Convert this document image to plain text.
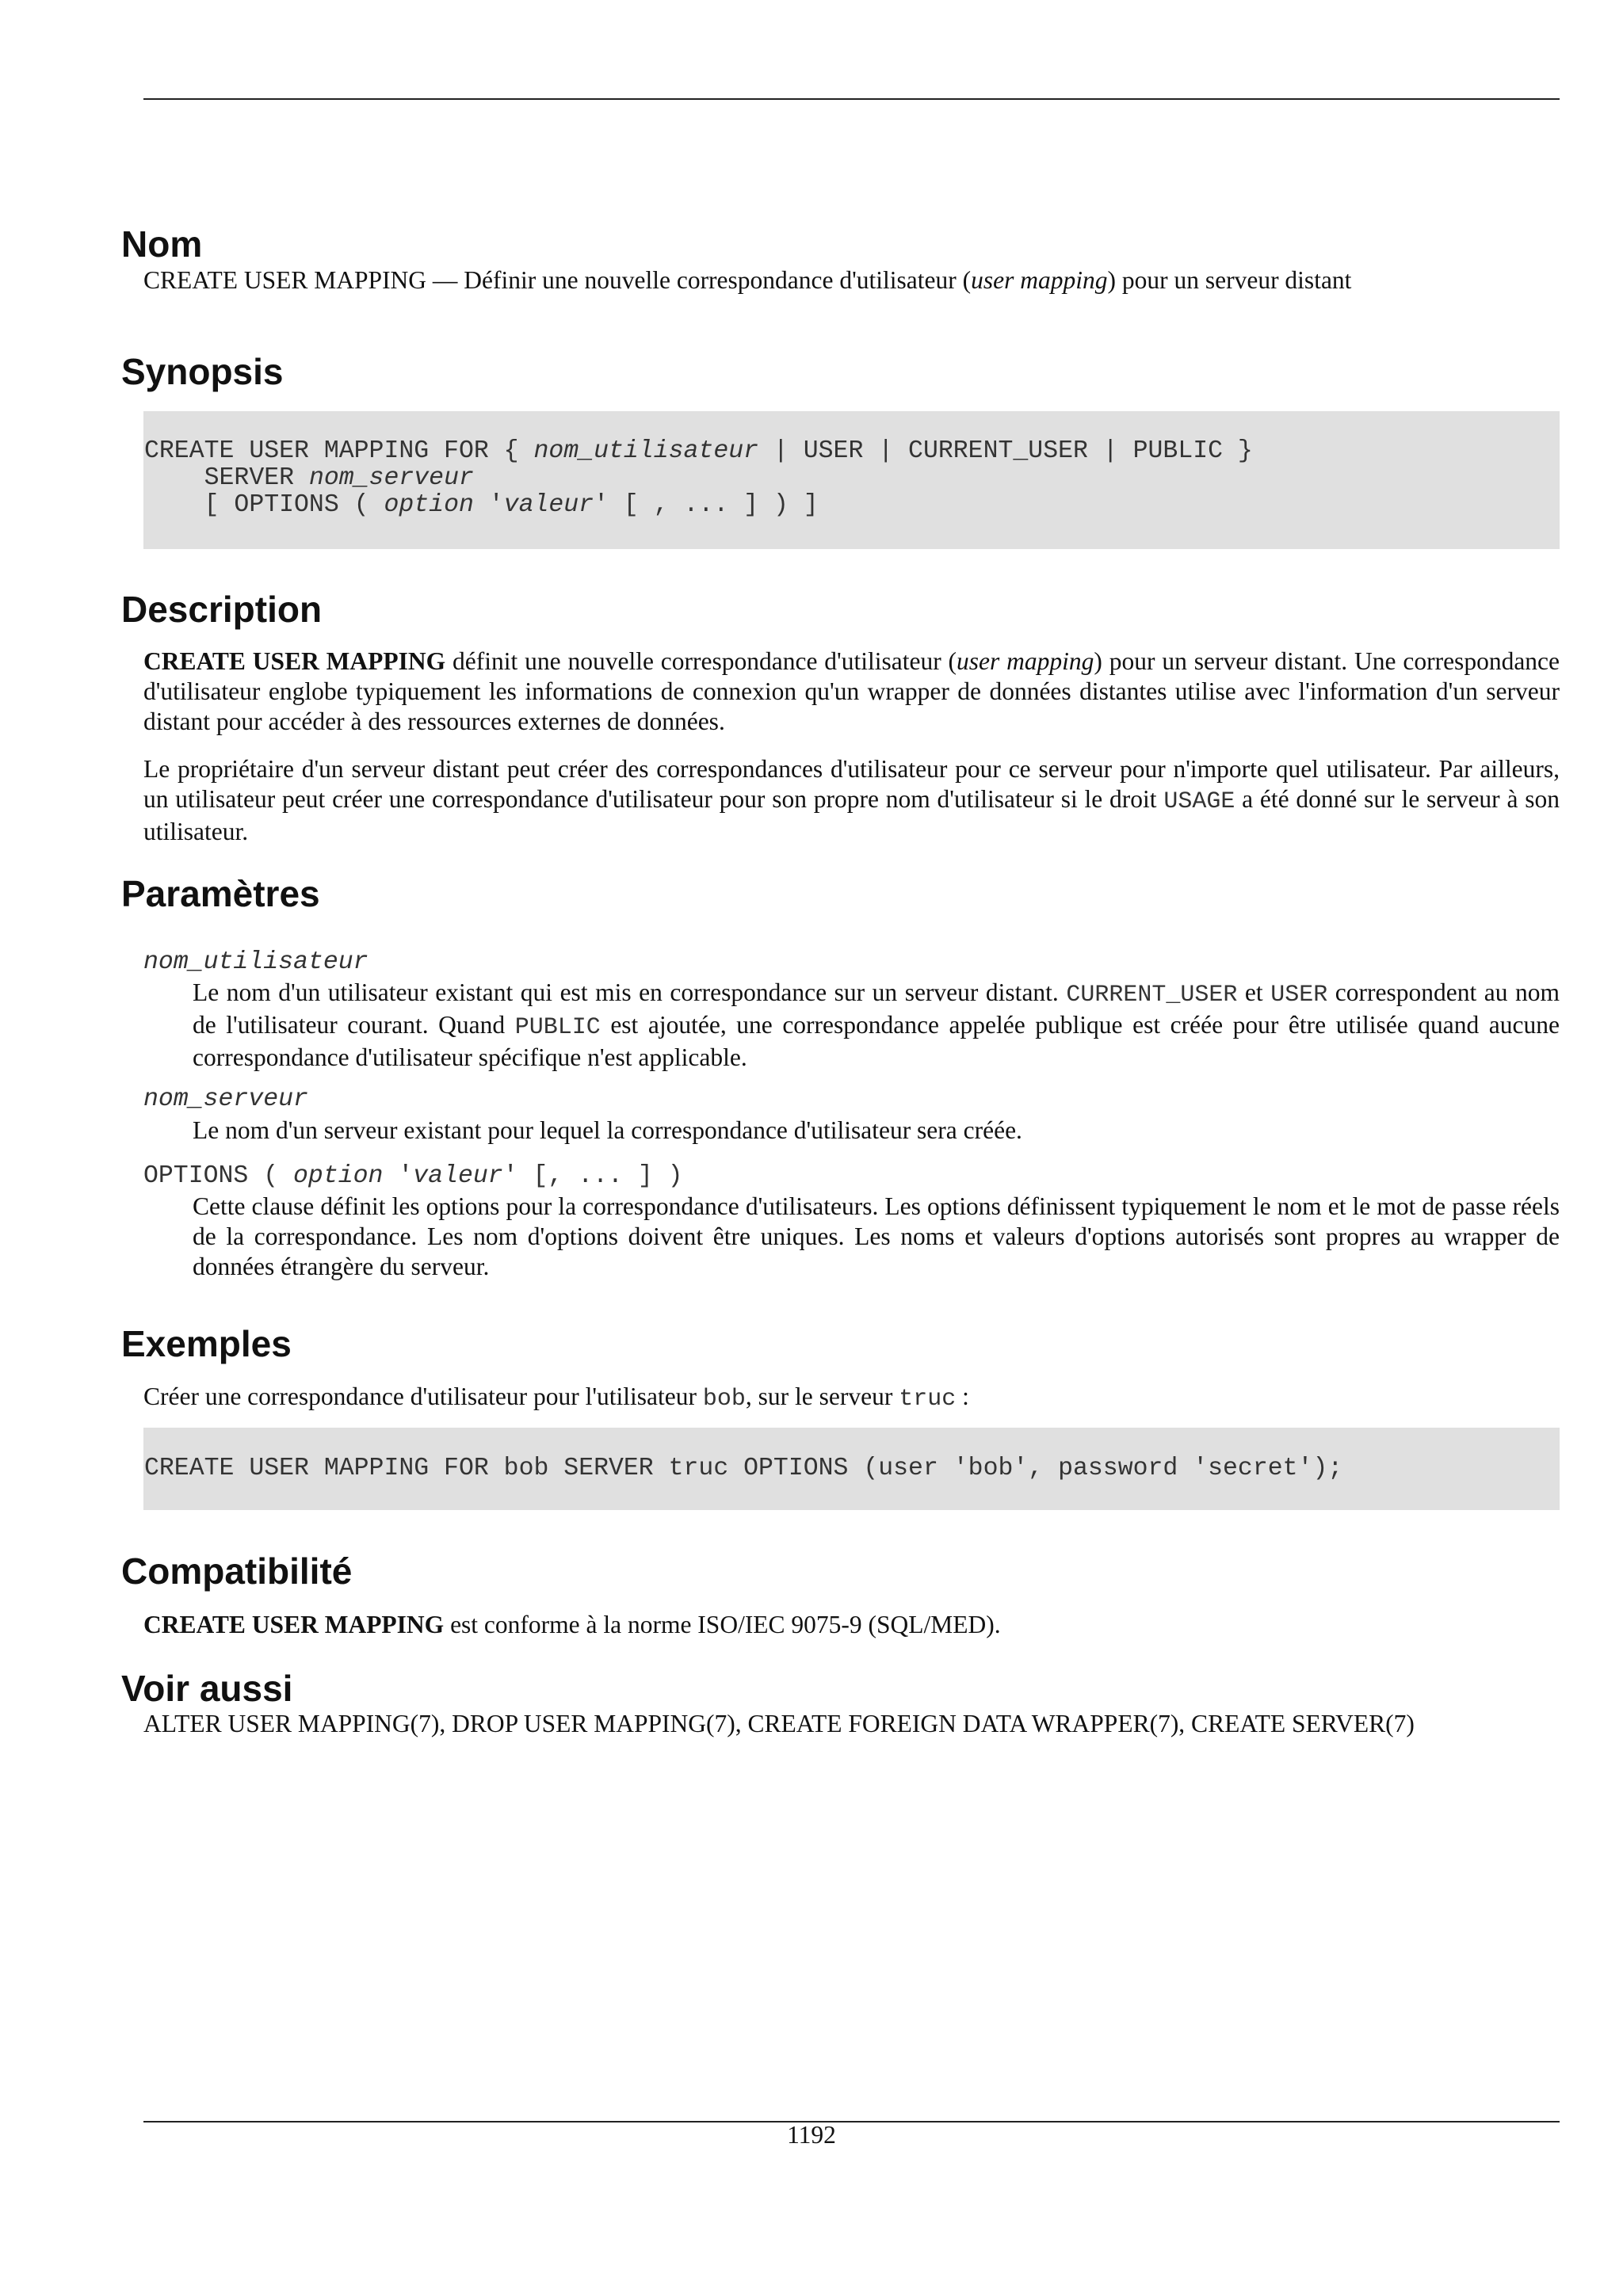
Nom

CREATE USER MAPPING — Définir une nouvelle correspondance d'utilisateur (user mapping) pour un serveur distant

Synopsis
CREATE USER MAPPING FOR { nom_utilisateur | USER | CURRENT_USER | PUBLIC }
SERVER nom_serveur
[ OPTIONS ( option 'valeur' [ , ... ] ) ]
Description

CREATE USER MAPPING définit une nouvelle correspondance d'utilisateur (user mapping) pour un serveur distant. Une correspondance d'utilisateur englobe typiquement les informations de connexion qu'un wrapper de données distantes utilise avec l'information d'un serveur distant pour accéder à des ressources externes de données.

Le propriétaire d'un serveur distant peut créer des correspondances d'utilisateur pour ce serveur pour n'importe quel utilisateur. Par ailleurs, un utilisateur peut créer une correspondance d'utilisateur pour son propre nom d'utilisateur si le droit USAGE a été donné sur le serveur à son utilisateur.

Paramètres

nom_utilisateur

Le nom d'un utilisateur existant qui est mis en correspondance sur un serveur distant. CURRENT_USER et USER correspondent au nom de l'utilisateur courant. Quand PUBLIC est ajoutée, une correspondance appelée publique est créée pour être utilisée quand aucune correspondance d'utilisateur spécifique n'est applicable.

nom_serveur

Le nom d'un serveur existant pour lequel la correspondance d'utilisateur sera créée.

OPTIONS ( option 'valeur' [, ... ] )

Cette clause définit les options pour la correspondance d'utilisateurs. Les options définissent typiquement le nom et le mot de passe réels de la correspondance. Les nom d'options doivent être uniques. Les noms et valeurs d'options autorisés sont propres au wrapper de données étrangère du serveur.

Exemples

Créer une correspondance d'utilisateur pour l'utilisateur bob, sur le serveur truc :

CREATE USER MAPPING FOR bob SERVER truc OPTIONS (user 'bob', password 'secret');
Compatibilité

CREATE USER MAPPING est conforme à la norme ISO/IEC 9075-9 (SQL/MED).

Voir aussi

ALTER USER MAPPING(7), DROP USER MAPPING(7), CREATE FOREIGN DATA WRAPPER(7), CREATE SERVER(7)

1192
